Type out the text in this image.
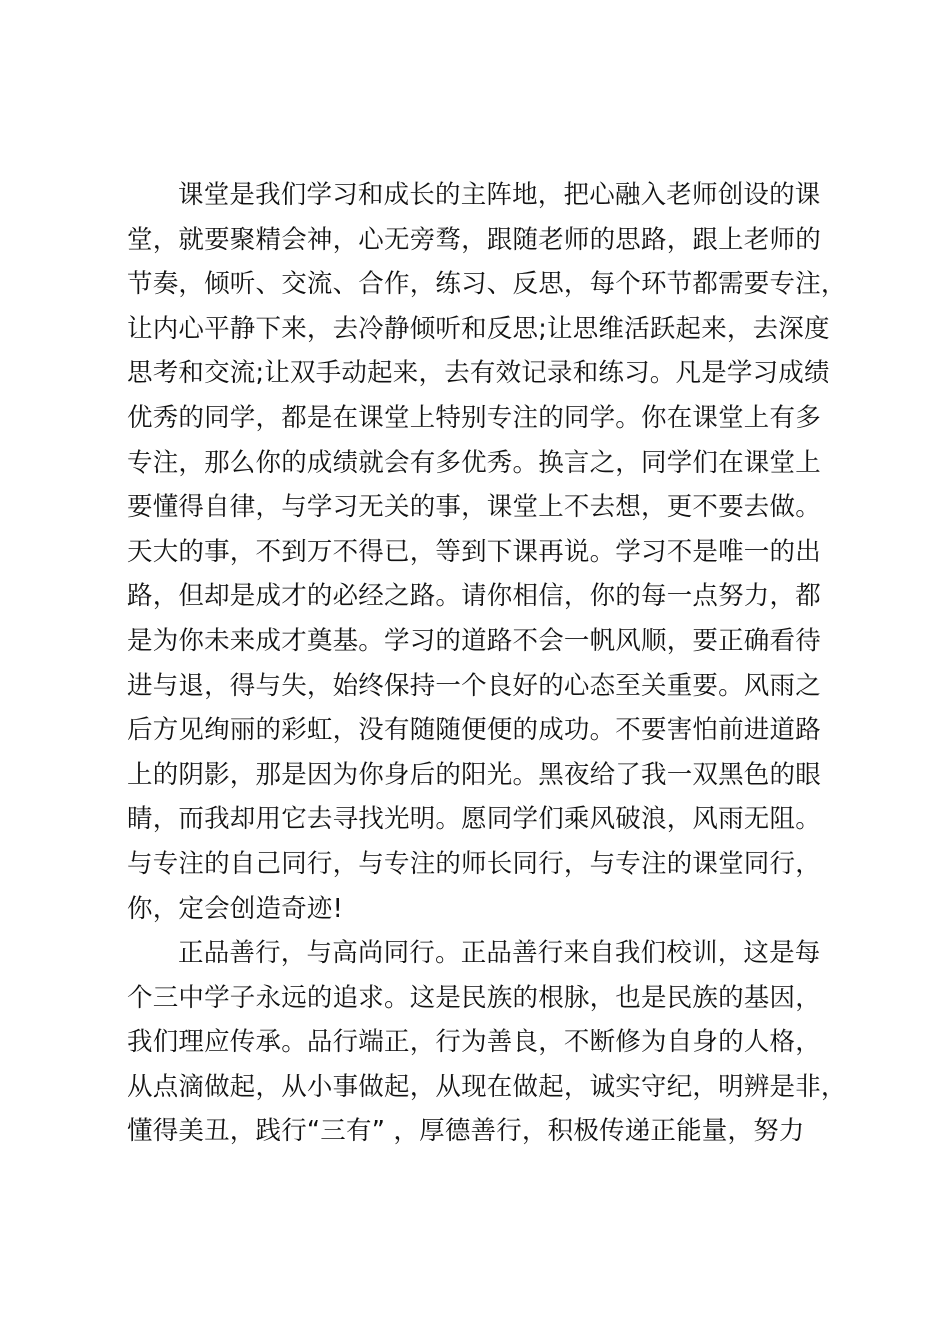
课堂是我们学习和成长的主阵地，把心融入老师创设的课
堂，就要聚精会神，心无旁骛，跟随老师的思路，跟上老师的
节奏，倾听、交流、合作，练习、反思，每个环节都需要专注，
让内心平静下来，去冷静倾听和反思;让思维活跃起来，去深度
思考和交流;让双手动起来，去有效记录和练习。凡是学习成绩
优秀的同学，都是在课堂上特别专注的同学。你在课堂上有多
专注，那么你的成绩就会有多优秀。换言之，同学们在课堂上
要懂得自律，与学习无关的事，课堂上不去想，更不要去做。
天大的事，不到万不得已，等到下课再说。学习不是唯一的出
路，但却是成才的必经之路。请你相信，你的每一点努力，都
是为你未来成才奠基。学习的道路不会一帆风顺，要正确看待
进与退，得与失，始终保持一个良好的心态至关重要。风雨之
后方见绚丽的彩虹，没有随随便便的成功。不要害怕前进道路
上的阴影，那是因为你身后的阳光。黑夜给了我一双黑色的眼
睛，而我却用它去寻找光明。愿同学们乘风破浪，风雨无阻。
与专注的自己同行，与专注的师长同行，与专注的课堂同行，
你，定会创造奇迹!

正品善行，与高尚同行。正品善行来自我们校训，这是每
个三中学子永远的追求。这是民族的根脉，也是民族的基因，
我们理应传承。品行端正，行为善良，不断修为自身的人格，
从点滴做起，从小事做起，从现在做起，诚实守纪，明辨是非，
懂得美丑，践行“三有” ，厚德善行，积极传递正能量，努力
